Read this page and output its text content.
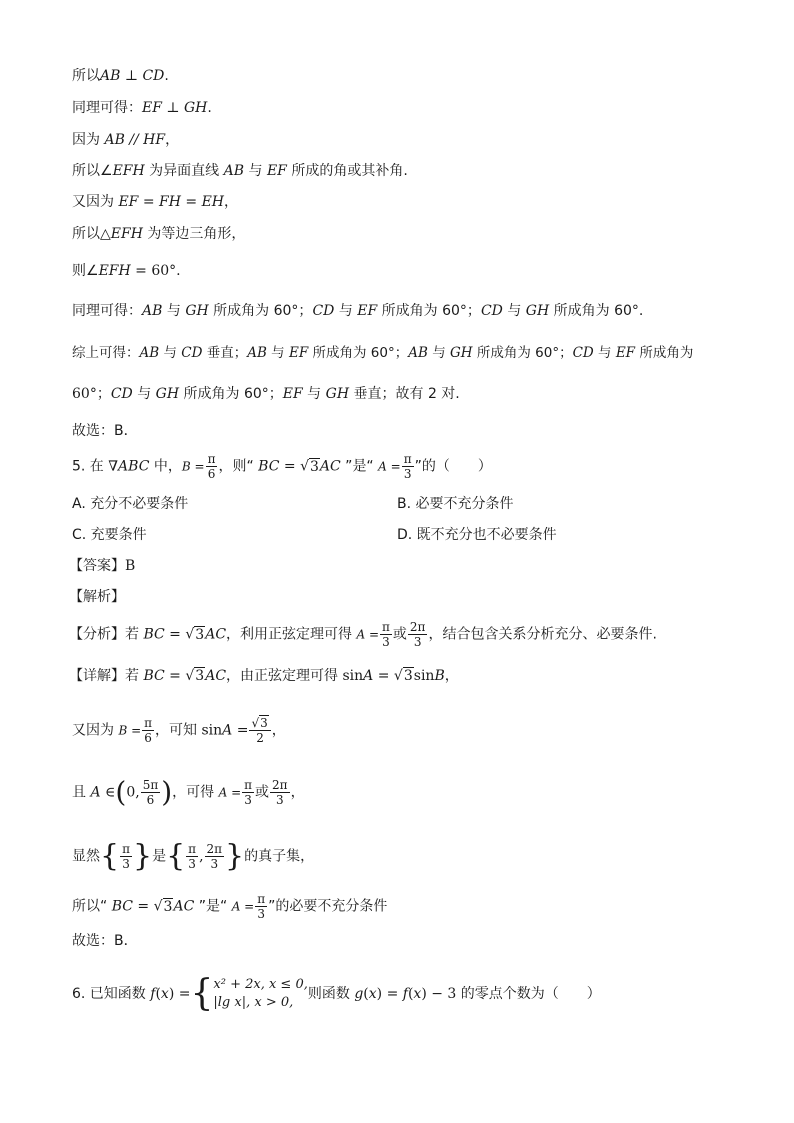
所以AB ⊥ CD.
同理可得：EF ⊥ GH.
因为 AB // HF，
所以∠EFH 为异面直线 AB 与 EF 所成的角或其补角.
又因为 EF = FH = EH，
所以△EFH 为等边三角形，
则∠EFH = 60°.
同理可得：AB 与 GH 所成角为 60°；CD 与 EF 所成角为 60°；CD 与 GH 所成角为 60°.
综上可得：AB 与 CD 垂直；AB 与 EF 所成角为 60°；AB 与 GH 所成角为 60°；CD 与 EF 所成角为
60°；CD 与 GH 所成角为 60°；EF 与 GH 垂直；故有 2 对.
故选：B．
5. 在 ∇ABC 中，$B = \frac{\pi}{6}$ ，则“ BC = √3AC ”是“ $A = \frac{\pi}{3}$ ”的（　　）
A. 充分不必要条件	B. 必要不充分条件
C. 充要条件	D. 既不充分也不必要条件
【答案】B
【解析】
【分析】若 BC = √3AC，利用正弦定理可得 $A = \frac{\pi}{3}$ 或 $\frac{2\pi}{3}$ ，结合包含关系分析充分、必要条件.
【详解】若 BC = √3AC，由正弦定理可得 sinA = √3sinB，
又因为 $B = \frac{\pi}{6}$ ，可知 $\sin A = \frac{√3}{2}$ ，
且 A ∈(0, $\frac{5\pi}{6}$ )，可得 $A = \frac{\pi}{3}$ 或 $\frac{2\pi}{3}$ ，
显然{ $\frac{\pi}{3}$ }是{ $\frac{\pi}{3}$ , $\frac{2\pi}{3}$ }的真子集，
所以“ BC = √3AC ”是“ $A = \frac{\pi}{3}$ ”的必要不充分条件
故选：B．
6. 已知函数 f(x) ={ x² + 2x, x ≤ 0,
|lg x|, x > 0,
则函数 g(x) = f(x) − 3 的零点个数为（　　）
